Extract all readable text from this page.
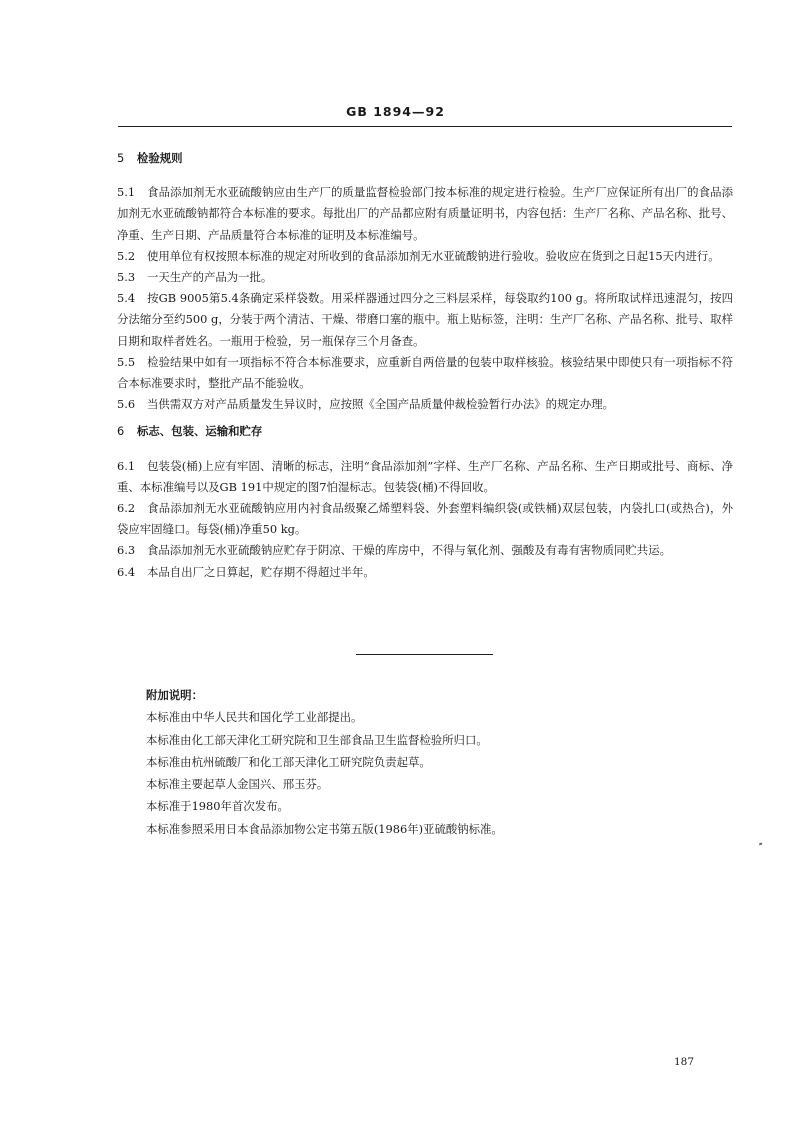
GB 1894—92
5 检验规则

5.1 食品添加剂无水亚硫酸钠应由生产厂的质量监督检验部门按本标准的规定进行检验。生产厂应保证所有出厂的食品添加剂无水亚硫酸钠都符合本标准的要求。每批出厂的产品都应附有质量证明书，内容包括：生产厂名称、产品名称、批号、净重、生产日期、产品质量符合本标准的证明及本标准编号。

5.2 使用单位有权按照本标准的规定对所收到的食品添加剂无水亚硫酸钠进行验收。验收应在货到之日起15天内进行。

5.3 一天生产的产品为一批。

5.4 按GB 9005第5.4条确定采样袋数。用采样器通过四分之三料层采样，每袋取约100 g。将所取试样迅速混匀，按四分法缩分至约500 g，分装于两个清洁、干燥、带磨口塞的瓶中。瓶上贴标签，注明：生产厂名称、产品名称、批号、取样日期和取样者姓名。一瓶用于检验，另一瓶保存三个月备查。

5.5 检验结果中如有一项指标不符合本标准要求，应重新自两倍量的包装中取样核验。核验结果中即使只有一项指标不符合本标准要求时，整批产品不能验收。

5.6 当供需双方对产品质量发生异议时，应按照《全国产品质量仲裁检验暂行办法》的规定办理。

6 标志、包装、运输和贮存

6.1 包装袋(桶)上应有牢固、清晰的标志，注明“食品添加剂”字样、生产厂名称、产品名称、生产日期或批号、商标、净重、本标准编号以及GB 191中规定的图7怕湿标志。包装袋(桶)不得回收。

6.2 食品添加剂无水亚硫酸钠应用内衬食品级聚乙烯塑料袋、外套塑料编织袋(或铁桶)双层包装，内袋扎口(或热合)，外袋应牢固缝口。每袋(桶)净重50 kg。

6.3 食品添加剂无水亚硫酸钠应贮存于阴凉、干燥的库房中，不得与氧化剂、强酸及有毒有害物质同贮共运。

6.4 本品自出厂之日算起，贮存期不得超过半年。

附加说明：

本标准由中华人民共和国化学工业部提出。

本标准由化工部天津化工研究院和卫生部食品卫生监督检验所归口。

本标准由杭州硫酸厂和化工部天津化工研究院负责起草。

本标准主要起草人金国兴、邢玉芬。

本标准于1980年首次发布。

本标准参照采用日本食品添加物公定书第五版(1986年)亚硫酸钠标准。

187
